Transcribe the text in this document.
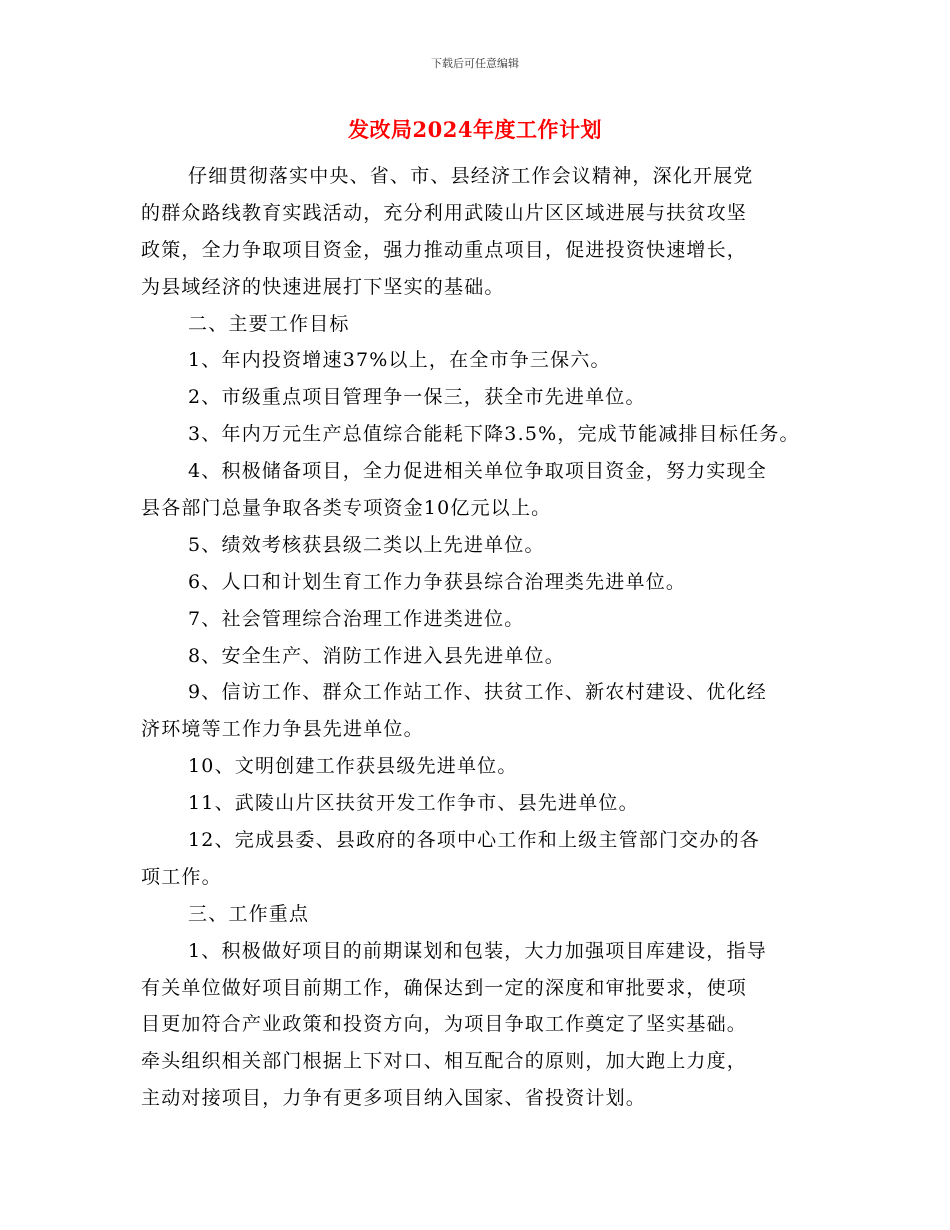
下载后可任意编辑
发改局2024年度工作计划
仔细贯彻落实中央、省、市、县经济工作会议精神，深化开展党
的群众路线教育实践活动，充分利用武陵山片区区域进展与扶贫攻坚
政策，全力争取项目资金，强力推动重点项目，促进投资快速增长，
为县域经济的快速进展打下坚实的基础。
二、主要工作目标
1、年内投资增速37%以上，在全市争三保六。
2、市级重点项目管理争一保三，获全市先进单位。
3、年内万元生产总值综合能耗下降3.5%，完成节能减排目标任务。
4、积极储备项目，全力促进相关单位争取项目资金，努力实现全
县各部门总量争取各类专项资金10亿元以上。
5、绩效考核获县级二类以上先进单位。
6、人口和计划生育工作力争获县综合治理类先进单位。
7、社会管理综合治理工作进类进位。
8、安全生产、消防工作进入县先进单位。
9、信访工作、群众工作站工作、扶贫工作、新农村建设、优化经
济环境等工作力争县先进单位。
10、文明创建工作获县级先进单位。
11、武陵山片区扶贫开发工作争市、县先进单位。
12、完成县委、县政府的各项中心工作和上级主管部门交办的各
项工作。
三、工作重点
1、积极做好项目的前期谋划和包装，大力加强项目库建设，指导
有关单位做好项目前期工作，确保达到一定的深度和审批要求，使项
目更加符合产业政策和投资方向，为项目争取工作奠定了坚实基础。
牵头组织相关部门根据上下对口、相互配合的原则，加大跑上力度，
主动对接项目，力争有更多项目纳入国家、省投资计划。
